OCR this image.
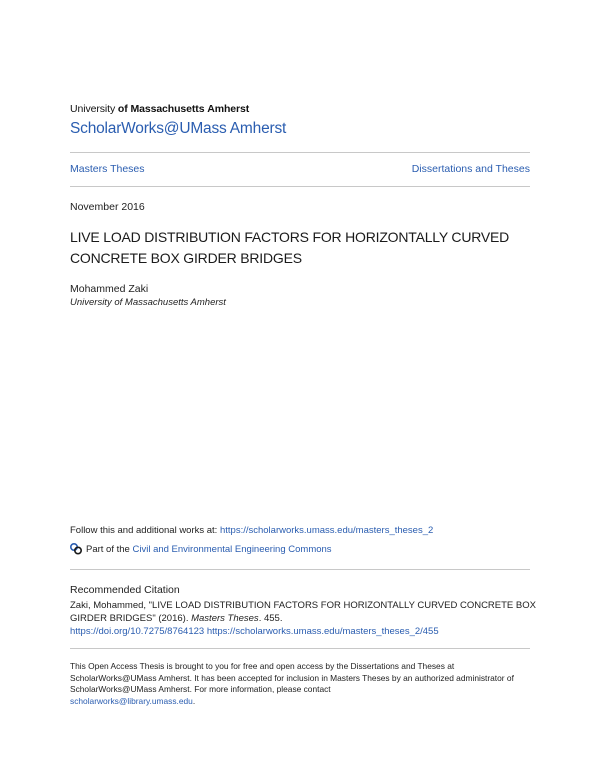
University of Massachusetts Amherst
ScholarWorks@UMass Amherst
Masters Theses	Dissertations and Theses
November 2016
LIVE LOAD DISTRIBUTION FACTORS FOR HORIZONTALLY CURVED CONCRETE BOX GIRDER BRIDGES
Mohammed Zaki
University of Massachusetts Amherst
Follow this and additional works at: https://scholarworks.umass.edu/masters_theses_2
Part of the
Civil and Environmental Engineering Commons
Recommended Citation
Zaki, Mohammed, "LIVE LOAD DISTRIBUTION FACTORS FOR HORIZONTALLY CURVED CONCRETE BOX GIRDER BRIDGES" (2016). Masters Theses. 455.
https://doi.org/10.7275/8764123 https://scholarworks.umass.edu/masters_theses_2/455
This Open Access Thesis is brought to you for free and open access by the Dissertations and Theses at ScholarWorks@UMass Amherst. It has been accepted for inclusion in Masters Theses by an authorized administrator of ScholarWorks@UMass Amherst. For more information, please contact
scholarworks@library.umass.edu.
